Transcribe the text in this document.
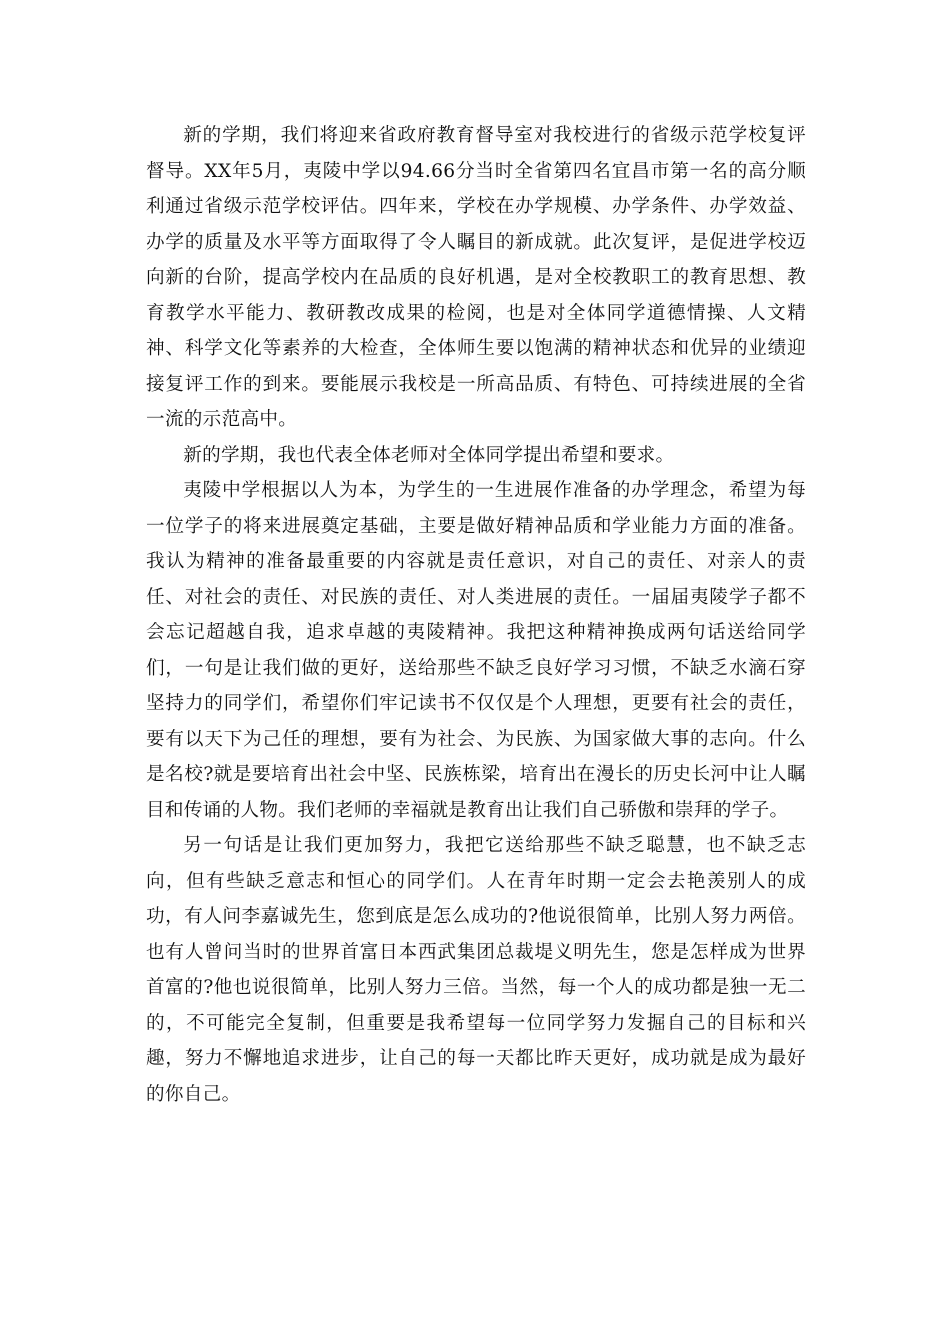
新的学期，我们将迎来省政府教育督导室对我校进行的省级示范学校复评督导。XX年5月，夷陵中学以94.66分当时全省第四名宜昌市第一名的高分顺利通过省级示范学校评估。四年来，学校在办学规模、办学条件、办学效益、办学的质量及水平等方面取得了令人瞩目的新成就。此次复评，是促进学校迈向新的台阶，提高学校内在品质的良好机遇，是对全校教职工的教育思想、教育教学水平能力、教研教改成果的检阅，也是对全体同学道德情操、人文精神、科学文化等素养的大检查，全体师生要以饱满的精神状态和优异的业绩迎接复评工作的到来。要能展示我校是一所高品质、有特色、可持续进展的全省一流的示范高中。

新的学期，我也代表全体老师对全体同学提出希望和要求。

夷陵中学根据以人为本，为学生的一生进展作准备的办学理念，希望为每一位学子的将来进展奠定基础，主要是做好精神品质和学业能力方面的准备。我认为精神的准备最重要的内容就是责任意识，对自己的责任、对亲人的责任、对社会的责任、对民族的责任、对人类进展的责任。一届届夷陵学子都不会忘记超越自我，追求卓越的夷陵精神。我把这种精神换成两句话送给同学们，一句是让我们做的更好，送给那些不缺乏良好学习习惯，不缺乏水滴石穿坚持力的同学们，希望你们牢记读书不仅仅是个人理想，更要有社会的责任，要有以天下为己任的理想，要有为社会、为民族、为国家做大事的志向。什么是名校?就是要培育出社会中坚、民族栋梁，培育出在漫长的历史长河中让人瞩目和传诵的人物。我们老师的幸福就是教育出让我们自己骄傲和崇拜的学子。

另一句话是让我们更加努力，我把它送给那些不缺乏聪慧，也不缺乏志向，但有些缺乏意志和恒心的同学们。人在青年时期一定会去艳羡别人的成功，有人问李嘉诚先生，您到底是怎么成功的?他说很简单，比别人努力两倍。也有人曾问当时的世界首富日本西武集团总裁堤义明先生，您是怎样成为世界首富的?他也说很简单，比别人努力三倍。当然，每一个人的成功都是独一无二的，不可能完全复制，但重要是我希望每一位同学努力发掘自己的目标和兴趣，努力不懈地追求进步，让自己的每一天都比昨天更好，成功就是成为最好的你自己。
